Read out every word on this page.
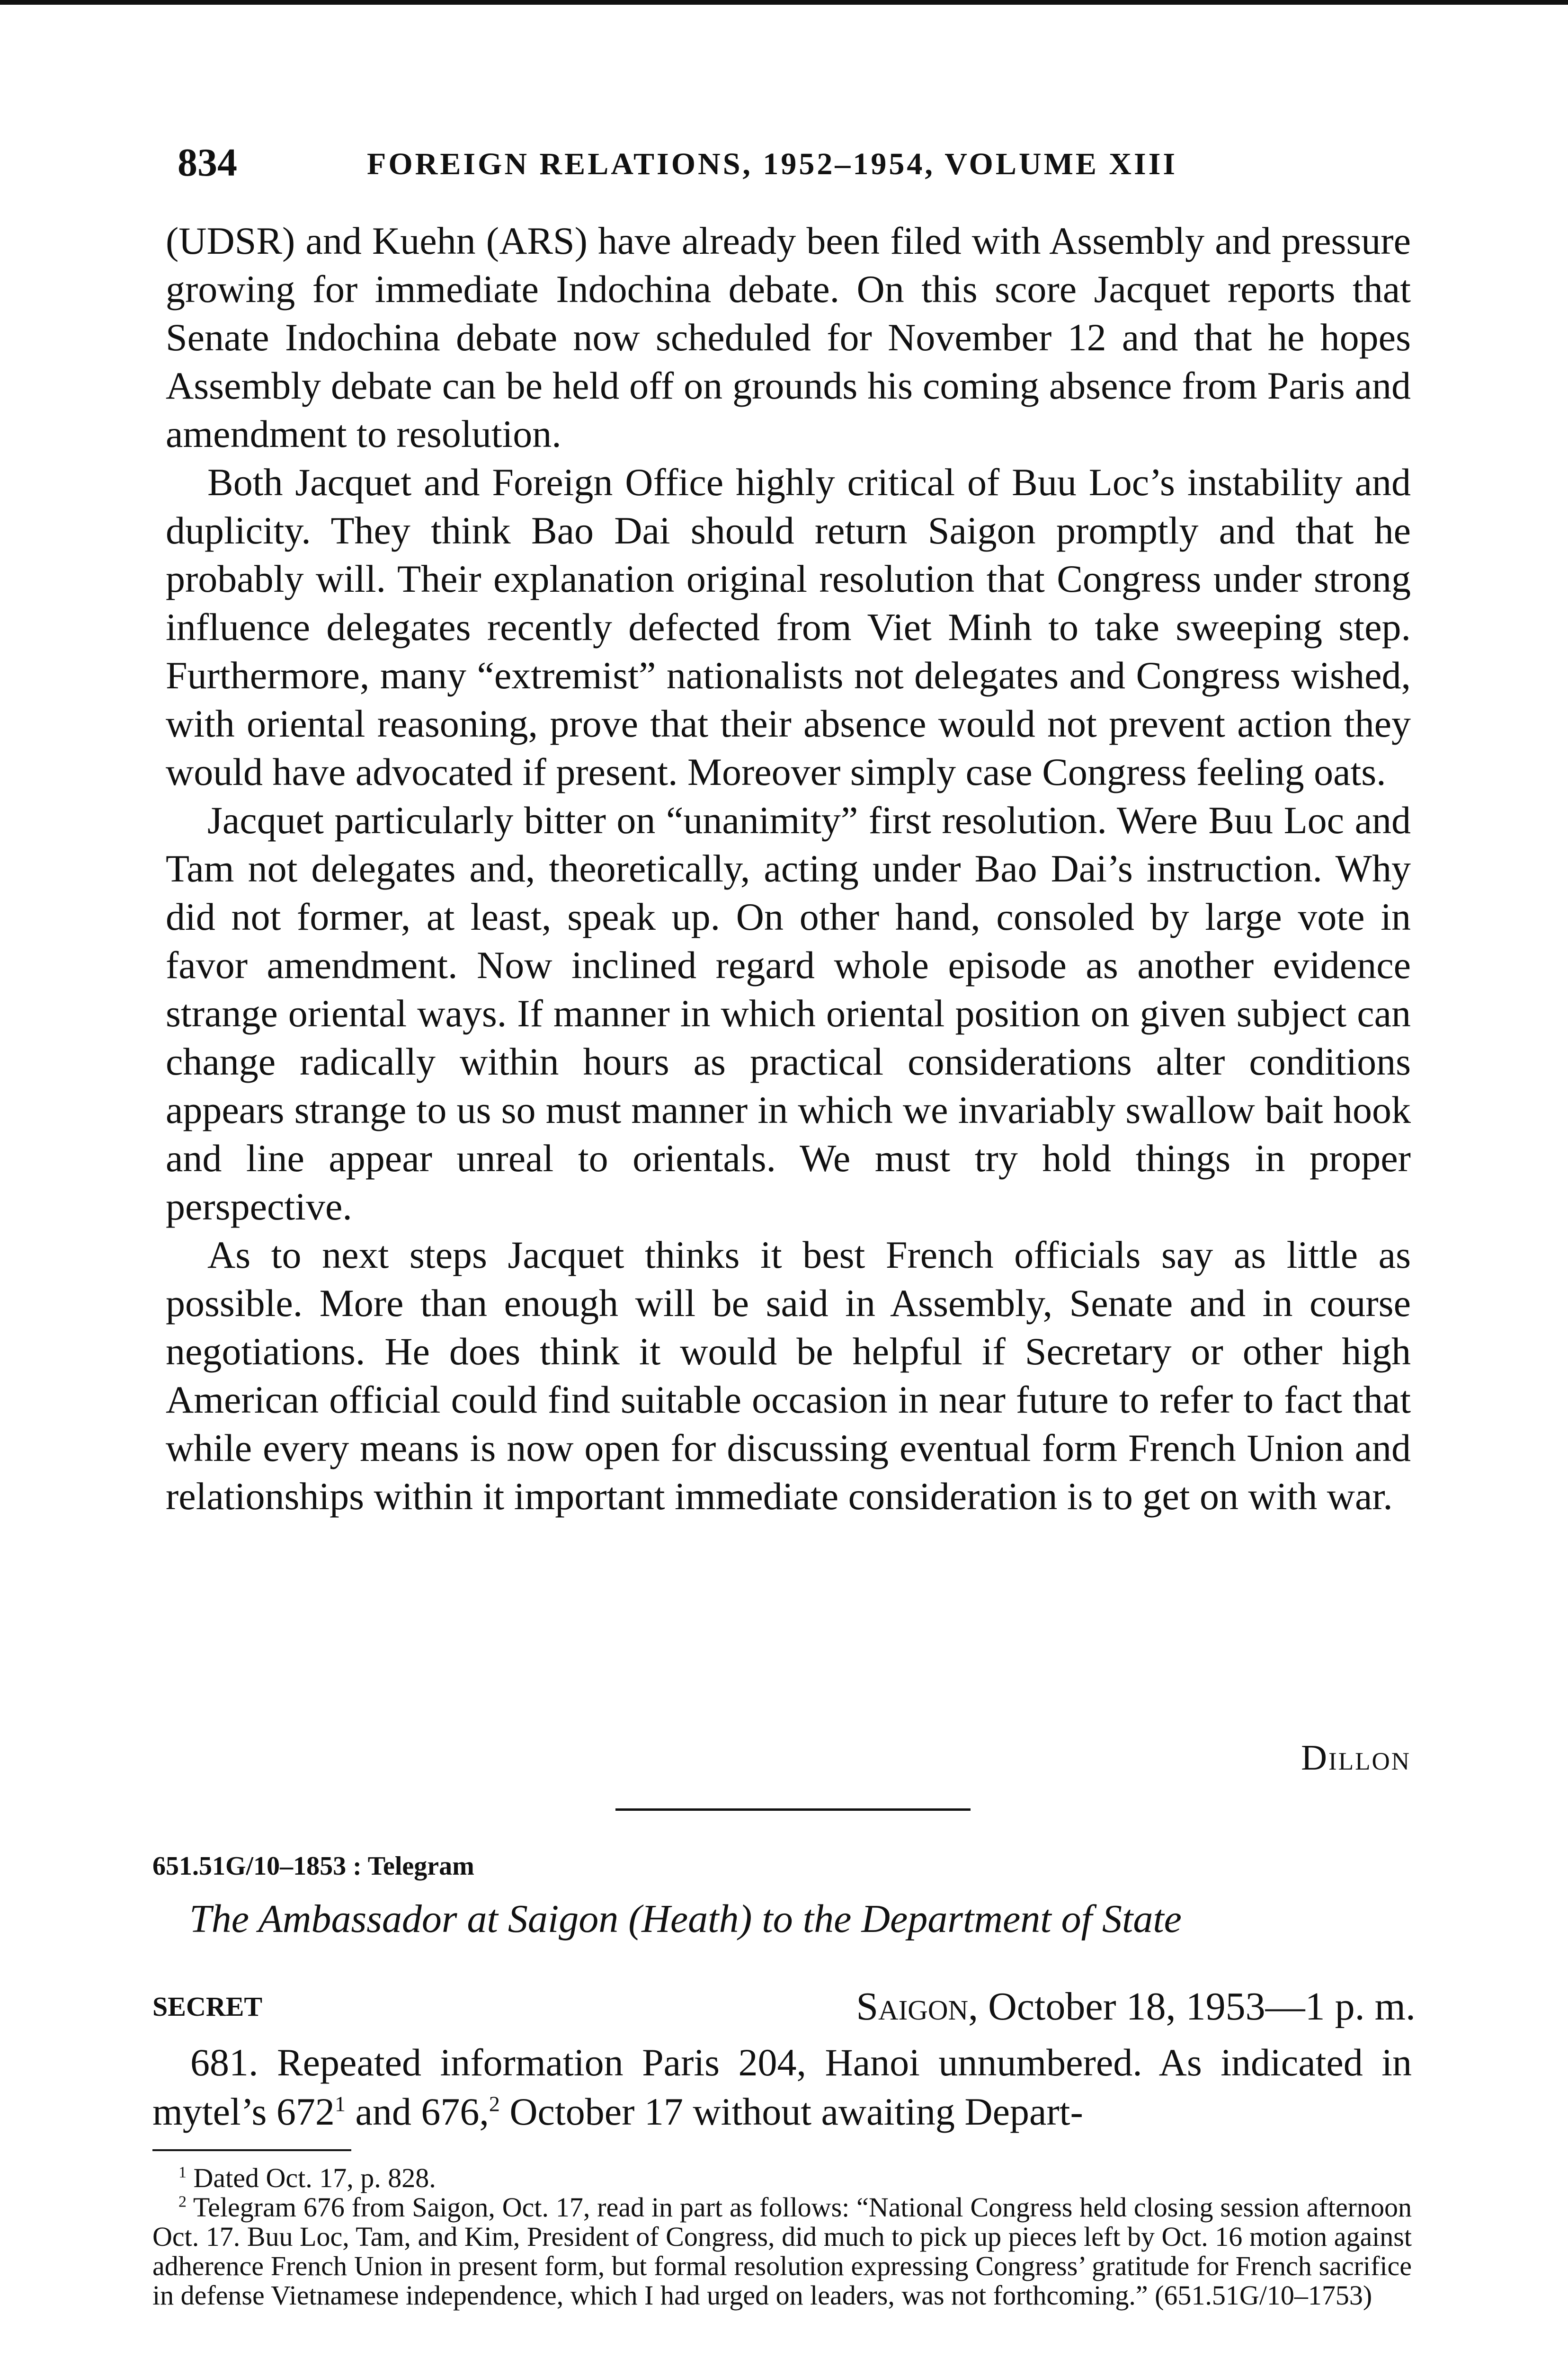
834	FOREIGN RELATIONS, 1952–1954, VOLUME XIII

(UDSR) and Kuehn (ARS) have already been filed with Assembly and pressure growing for immediate Indochina debate. On this score Jacquet reports that Senate Indochina debate now scheduled for November 12 and that he hopes Assembly debate can be held off on grounds his coming absence from Paris and amendment to resolution.

Both Jacquet and Foreign Office highly critical of Buu Loc’s instability and duplicity. They think Bao Dai should return Saigon promptly and that he probably will. Their explanation original resolution that Congress under strong influence delegates recently defected from Viet Minh to take sweeping step. Furthermore, many “extremist” nationalists not delegates and Congress wished, with oriental reasoning, prove that their absence would not prevent action they would have advocated if present. Moreover simply case Congress feeling oats.

Jacquet particularly bitter on “unanimity” first resolution. Were Buu Loc and Tam not delegates and, theoretically, acting under Bao Dai’s instruction. Why did not former, at least, speak up. On other hand, consoled by large vote in favor amendment. Now inclined regard whole episode as another evidence strange oriental ways. If manner in which oriental position on given subject can change radically within hours as practical considerations alter conditions appears strange to us so must manner in which we invariably swallow bait hook and line appear unreal to orientals. We must try hold things in proper perspective.

As to next steps Jacquet thinks it best French officials say as little as possible. More than enough will be said in Assembly, Senate and in course negotiations. He does think it would be helpful if Secretary or other high American official could find suitable occasion in near future to refer to fact that while every means is now open for discussing eventual form French Union and relationships within it important immediate consideration is to get on with war.

Dillon
651.51G/10–1853 : Telegram
The Ambassador at Saigon (Heath) to the Department of State
SECRET	Saigon, October 18, 1953—1 p. m.
681. Repeated information Paris 204, Hanoi unnumbered. As indicated in mytel’s $672^1$ and 676,$^2$ October 17 without awaiting Depart-

$^1$ Dated Oct. 17, p. 828.

$^2$ Telegram 676 from Saigon, Oct. 17, read in part as follows: “National Congress held closing session afternoon Oct. 17. Buu Loc, Tam, and Kim, President of Congress, did much to pick up pieces left by Oct. 16 motion against adherence French Union in present form, but formal resolution expressing Congress’ gratitude for French sacrifice in defense Vietnamese independence, which I had urged on leaders, was not forthcoming.” (651.51G/10–1753)
